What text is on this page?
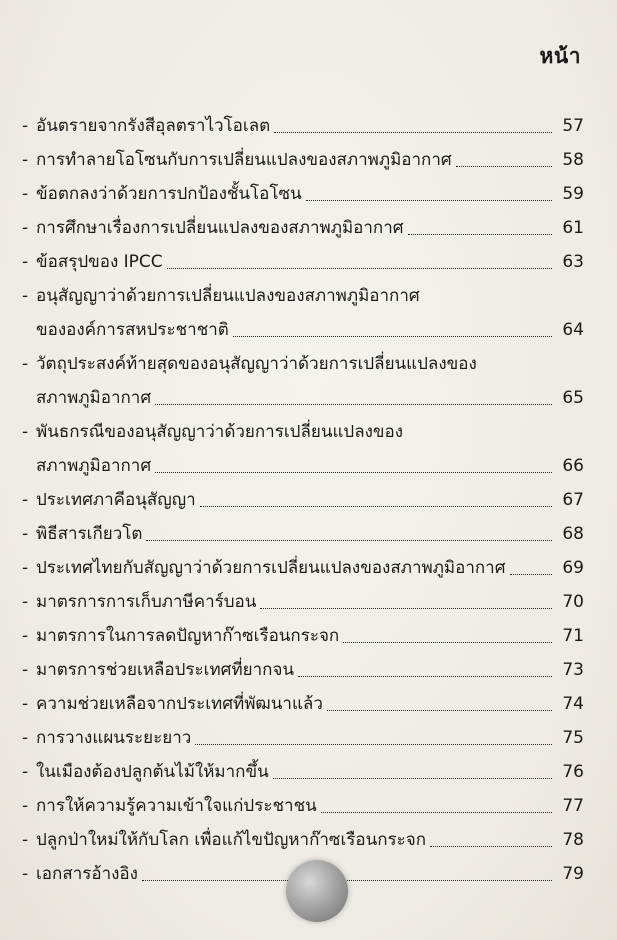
หน้า
- อันตรายจากรังสีอุลตราไวโอเลต	57
- การทำลายโอโซนกับการเปลี่ยนแปลงของสภาพภูมิอากาศ	58
- ข้อตกลงว่าด้วยการปกป้องชั้นโอโซน	59
- การศึกษาเรื่องการเปลี่ยนแปลงของสภาพภูมิอากาศ	61
- ข้อสรุปของ IPCC	63
- อนุสัญญาว่าด้วยการเปลี่ยนแปลงของสภาพภูมิอากาศ
ขององค์การสหประชาชาติ	64
- วัตถุประสงค์ท้ายสุดของอนุสัญญาว่าด้วยการเปลี่ยนแปลงของ
สภาพภูมิอากาศ	65
- พันธกรณีของอนุสัญญาว่าด้วยการเปลี่ยนแปลงของ
สภาพภูมิอากาศ	66
- ประเทศภาคีอนุสัญญา	67
- พิธีสารเกียวโต	68
- ประเทศไทยกับสัญญาว่าด้วยการเปลี่ยนแปลงของสภาพภูมิอากาศ	69
- มาตรการการเก็บภาษีคาร์บอน	70
- มาตรการในการลดปัญหาก๊าซเรือนกระจก	71
- มาตรการช่วยเหลือประเทศที่ยากจน	73
- ความช่วยเหลือจากประเทศที่พัฒนาแล้ว	74
- การวางแผนระยะยาว	75
- ในเมืองต้องปลูกต้นไม้ให้มากขึ้น	76
- การให้ความรู้ความเข้าใจแก่ประชาชน	77
- ปลูกป่าใหม่ให้กับโลก เพื่อแก้ไขปัญหาก๊าซเรือนกระจก	78
- เอกสารอ้างอิง	79
